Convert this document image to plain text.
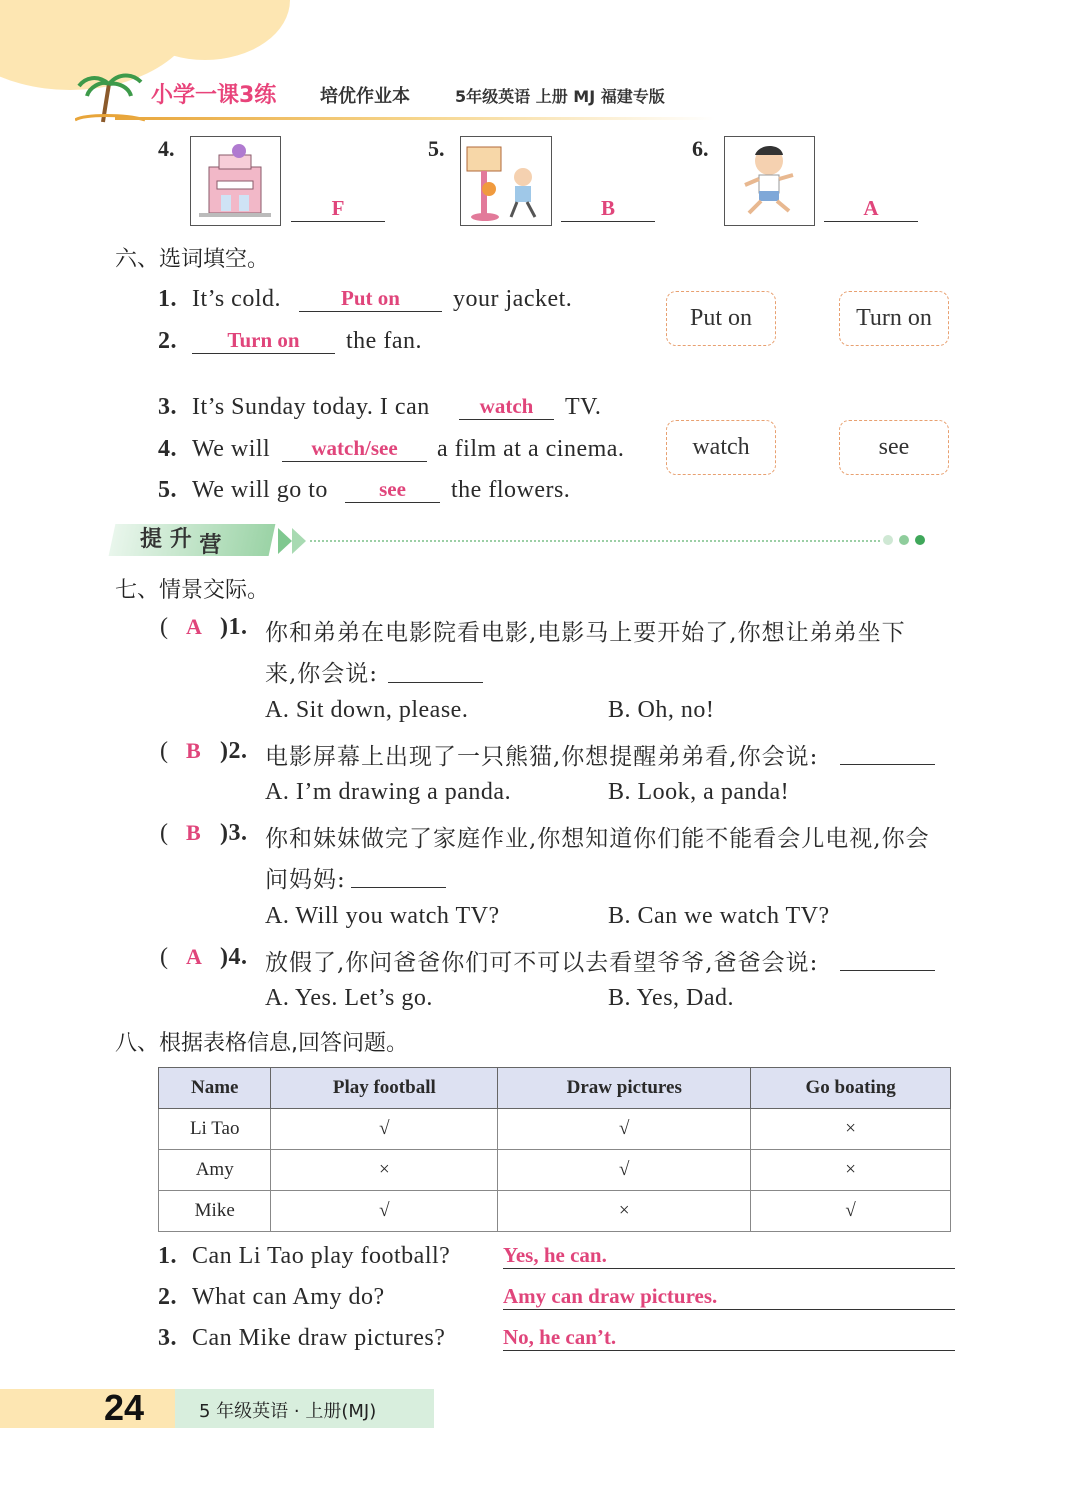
小学一课3练 培优作业本	5年级英语 上册 MJ 福建专版
4.
F
5.
B
6.
A
六、选词填空。
1. It’s cold.	Put on	your jacket.
2.	Turn on	the fan.
3. It’s Sunday today. I can	watch	TV.
4. We will	watch/see	a film at a cinema.
5. We will go to	see	the flowers.
Put on	Turn on
watch	see
提 升 营
七、情景交际。
( A )1. 你和弟弟在电影院看电影,电影马上要开始了,你想让弟弟坐下
来,你会说:
A. Sit down, please.	B. Oh, no!
( B )2. 电影屏幕上出现了一只熊猫,你想提醒弟弟看,你会说:
A. I’m drawing a panda.	B. Look, a panda!
( B )3. 你和妹妹做完了家庭作业,你想知道你们能不能看会儿电视,你会
问妈妈:
A. Will you watch TV?	B. Can we watch TV?
( A )4. 放假了,你问爸爸你们可不可以去看望爷爷,爸爸会说:
A. Yes. Let’s go.	B. Yes, Dad.
八、根据表格信息,回答问题。
Name	Play football	Draw pictures	Go boating
Li Tao	√	√	×
Amy	×	√	×
Mike	√	×	√
1. Can Li Tao play football?	Yes, he can.
2. What can Amy do?	Amy can draw pictures.
3. Can Mike draw pictures?	No, he can’t.
24	5 年级英语 · 上册(MJ)
